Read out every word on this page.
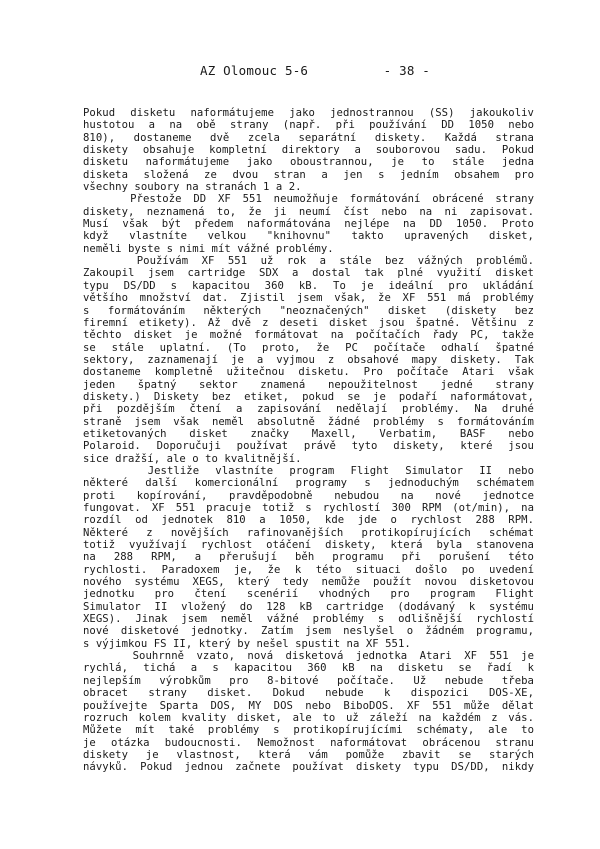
AZ Olomouc 5-6	- 38 -
Pokud disketu naformátujeme jako jednostrannou (SS) jakoukoliv
hustotou a na obě strany (např. při používání DD 1050 nebo
810), dostaneme dvě zcela separátní diskety. Každá strana
diskety obsahuje kompletní direktory a souborovou sadu. Pokud
disketu naformátujeme jako oboustrannou, je to stále jedna
disketa složená ze dvou stran a jen s jedním obsahem pro
všechny soubory na stranách 1 a 2.
Přestože DD XF 551 neumožňuje formátování obrácené strany
diskety, neznamená to, že ji neumí číst nebo na ni zapisovat.
Musí však být předem naformátována nejlépe na DD 1050. Proto
když vlastníte velkou "knihovnu" takto upravených disket,
neměli byste s nimi mít vážné problémy.
Používám XF 551 už rok a stále bez vážných problémů.
Zakoupil jsem cartridge SDX a dostal tak plné využití disket
typu DS/DD s kapacitou 360 kB. To je ideální pro ukládání
většího množství dat. Zjistil jsem však, že XF 551 má problémy
s formátováním některých "neoznačených" disket (diskety bez
firemní etikety). Až dvě z deseti disket jsou špatné. Většinu z
těchto disket je možné formátovat na počítačích řady PC, takže
se stále uplatní. (To proto, že PC počítače odhalí špatné
sektory, zaznamenají je a vyjmou z obsahové mapy diskety. Tak
dostaneme kompletně užitečnou disketu. Pro počítače Atari však
jeden špatný sektor znamená nepoužitelnost jedné strany
diskety.) Diskety bez etiket, pokud se je podaří naformátovat,
při pozdějším čtení a zapisování nedělají problémy. Na druhé
straně jsem však neměl absolutně žádné problémy s formátováním
etiketovaných disket značky Maxell, Verbatim, BASF nebo
Polaroid. Doporučuji používat právě tyto diskety, které jsou
sice dražší, ale o to kvalitnější.
Jestliže vlastníte program Flight Simulator II nebo
některé další komercionální programy s jednoduchým schématem
proti kopírování, pravděpodobně nebudou na nové jednotce
fungovat. XF 551 pracuje totiž s rychlostí 300 RPM (ot/min), na
rozdíl od jednotek 810 a 1050, kde jde o rychlost 288 RPM.
Některé z novějších rafinovanějších protikopírujících schémat
totiž využívají rychlost otáčení diskety, která byla stanovena
na 288 RPM, a přerušují běh programu při porušení této
rychlosti. Paradoxem je, že k této situaci došlo po uvedení
nového systému XEGS, který tedy nemůže použít novou disketovou
jednotku pro čtení scenérií vhodných pro program Flight
Simulator II vložený do 128 kB cartridge (dodávaný k systému
XEGS). Jinak jsem neměl vážné problémy s odlišnější rychlostí
nové disketové jednotky. Zatím jsem neslyšel o žádném programu,
s výjimkou FS II, který by nešel spustit na XF 551.
Souhrnně vzato, nová disketová jednotka Atari XF 551 je
rychlá, tichá a s kapacitou 360 kB na disketu se řadí k
nejlepším výrobkům pro 8-bitové počítače. Už nebude třeba
obracet strany disket. Dokud nebude k dispozici DOS-XE,
používejte Sparta DOS, MY DOS nebo BiboDOS. XF 551 může dělat
rozruch kolem kvality disket, ale to už záleží na každém z vás.
Můžete mít také problémy s protikopírujícími schématy, ale to
je otázka budoucnosti. Nemožnost naformátovat obrácenou stranu
diskety je vlastnost, která vám pomůže zbavit se starých
návyků. Pokud jednou začnete používat diskety typu DS/DD, nikdy
